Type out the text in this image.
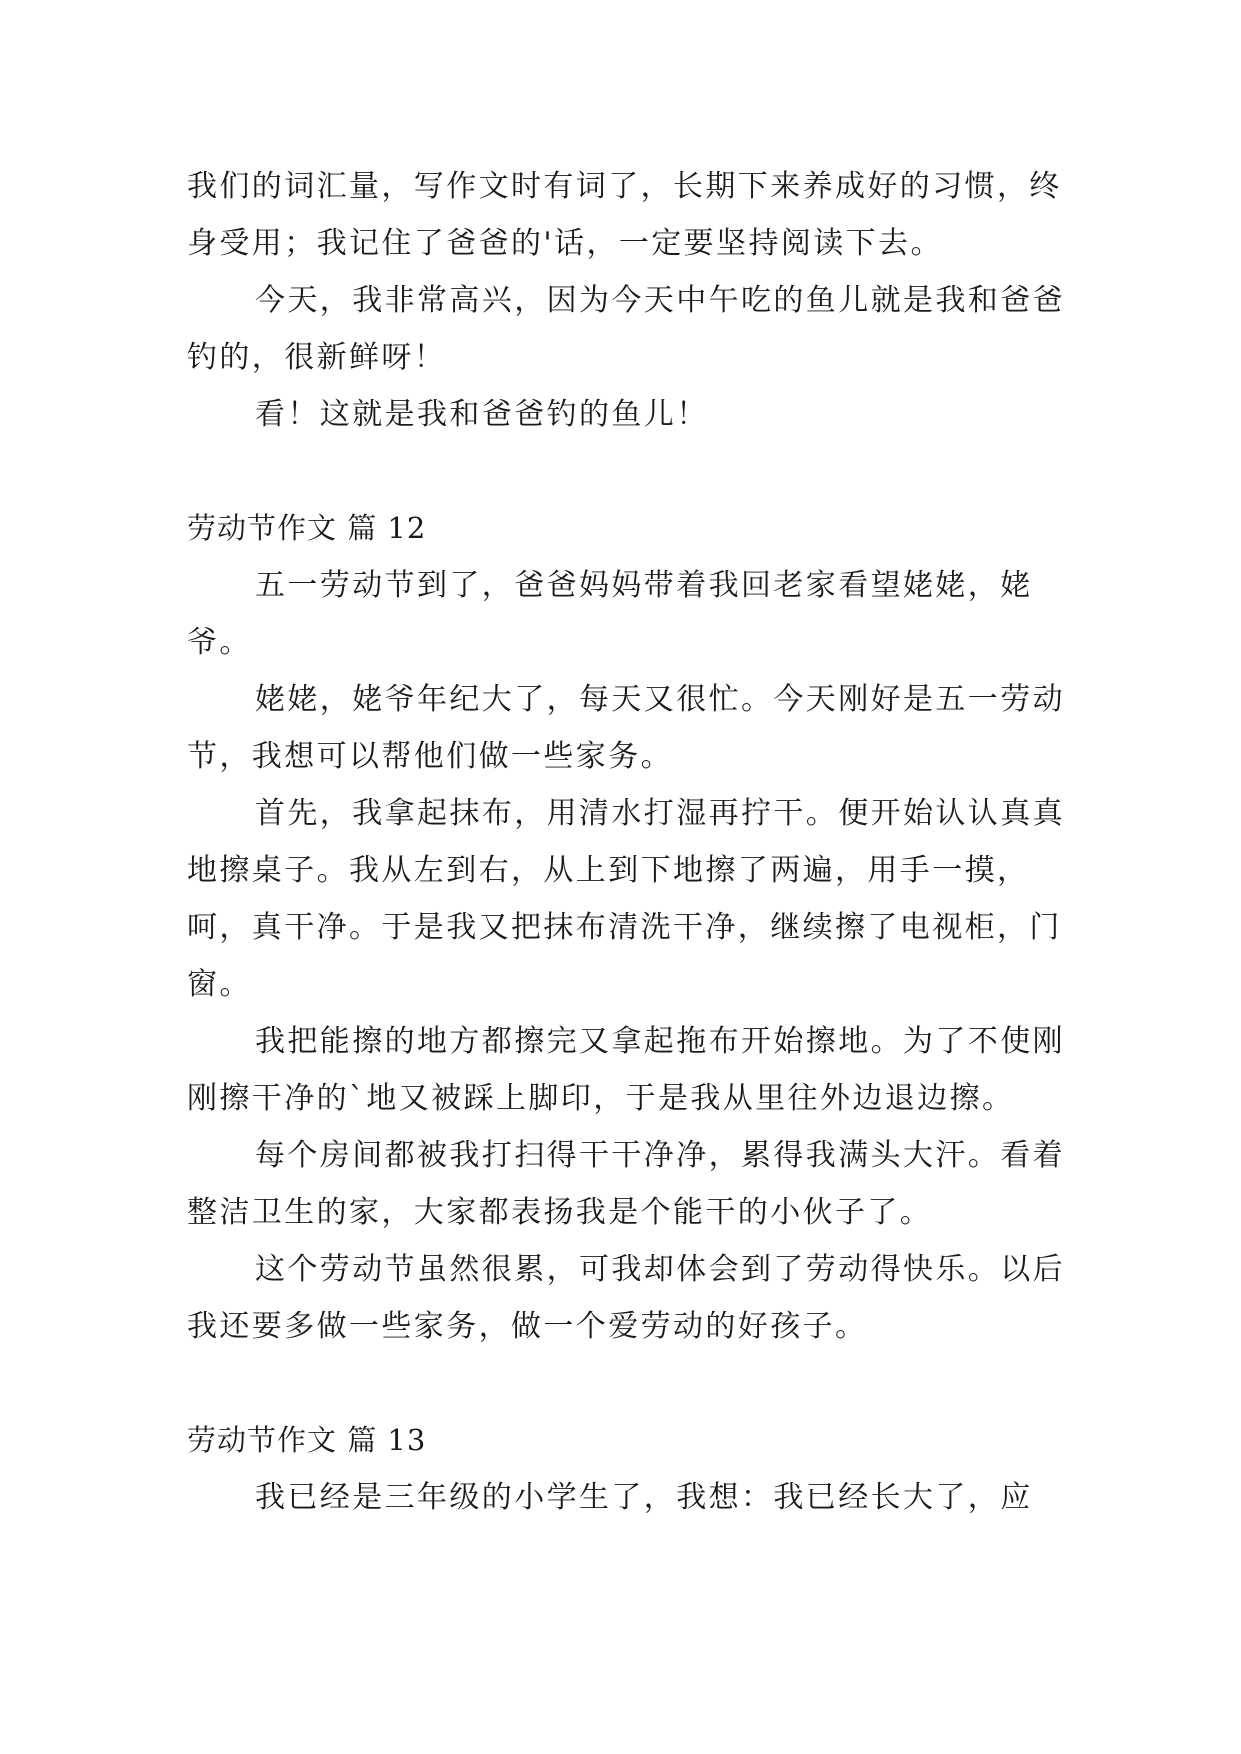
我们的词汇量，写作文时有词了，长期下来养成好的习惯，终身受用；我记住了爸爸的'话，一定要坚持阅读下去。

今天，我非常高兴，因为今天中午吃的鱼儿就是我和爸爸钓的，很新鲜呀！

看！这就是我和爸爸钓的鱼儿！

劳动节作文 篇 12

五一劳动节到了，爸爸妈妈带着我回老家看望姥姥，姥爷。

姥姥，姥爷年纪大了，每天又很忙。今天刚好是五一劳动节，我想可以帮他们做一些家务。

首先，我拿起抹布，用清水打湿再拧干。便开始认认真真地擦桌子。我从左到右，从上到下地擦了两遍，用手一摸，呵，真干净。于是我又把抹布清洗干净，继续擦了电视柜，门窗。

我把能擦的地方都擦完又拿起拖布开始擦地。为了不使刚刚擦干净的`地又被踩上脚印，于是我从里往外边退边擦。

每个房间都被我打扫得干干净净，累得我满头大汗。看着整洁卫生的家，大家都表扬我是个能干的小伙子了。

这个劳动节虽然很累，可我却体会到了劳动得快乐。以后我还要多做一些家务，做一个爱劳动的好孩子。

劳动节作文 篇 13

我已经是三年级的小学生了，我想：我已经长大了，应
